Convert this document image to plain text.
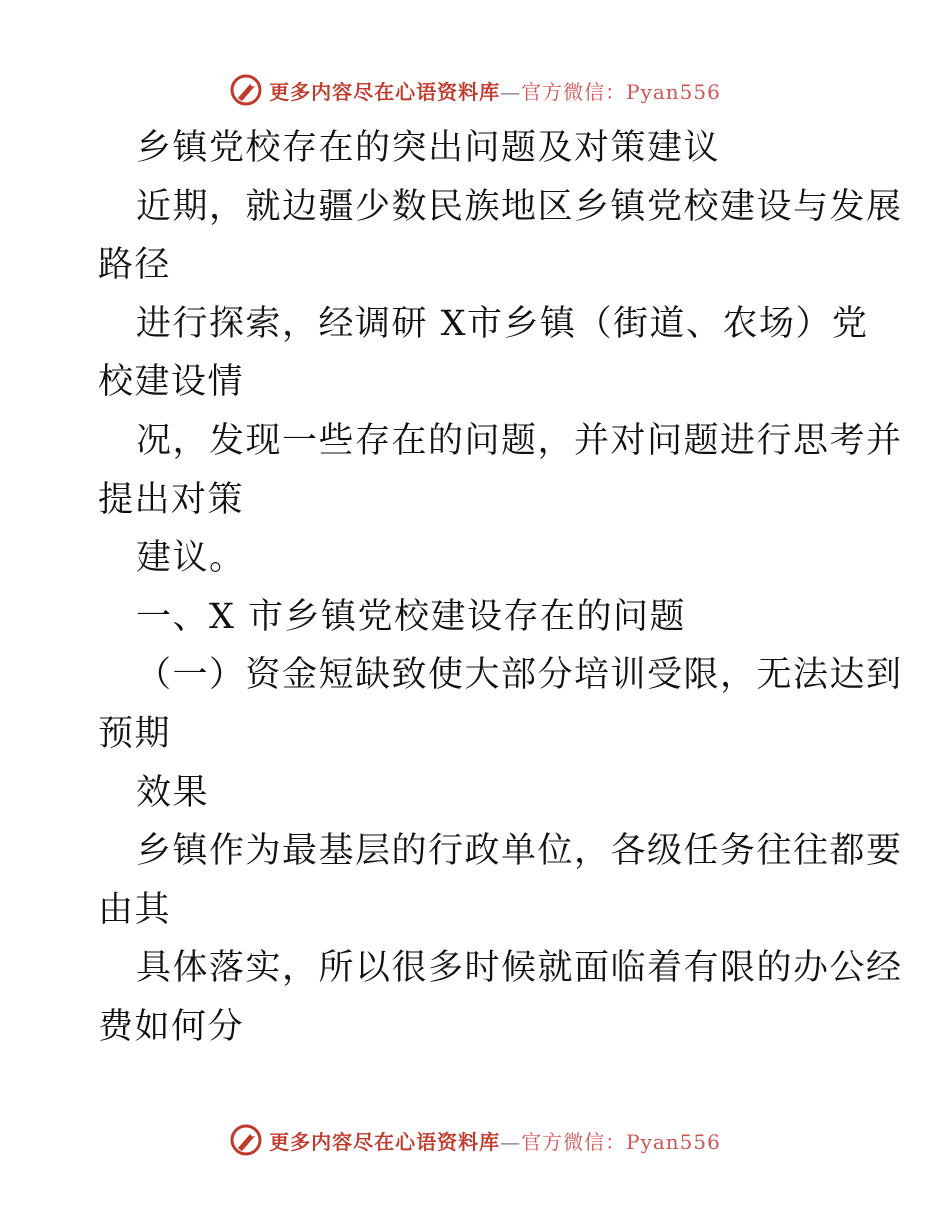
更多内容尽在心语资料库—官方微信：Pyan556
乡镇党校存在的突出问题及对策建议
近期，就边疆少数民族地区乡镇党校建设与发展
路径
进行探索，经调研 X市乡镇（街道、农场）党
校建设情
况，发现一些存在的问题，并对问题进行思考并
提出对策
建议。
一、X 市乡镇党校建设存在的问题
（一）资金短缺致使大部分培训受限，无法达到
预期
效果
乡镇作为最基层的行政单位，各级任务往往都要
由其
具体落实，所以很多时候就面临着有限的办公经
费如何分
更多内容尽在心语资料库—官方微信：Pyan556
